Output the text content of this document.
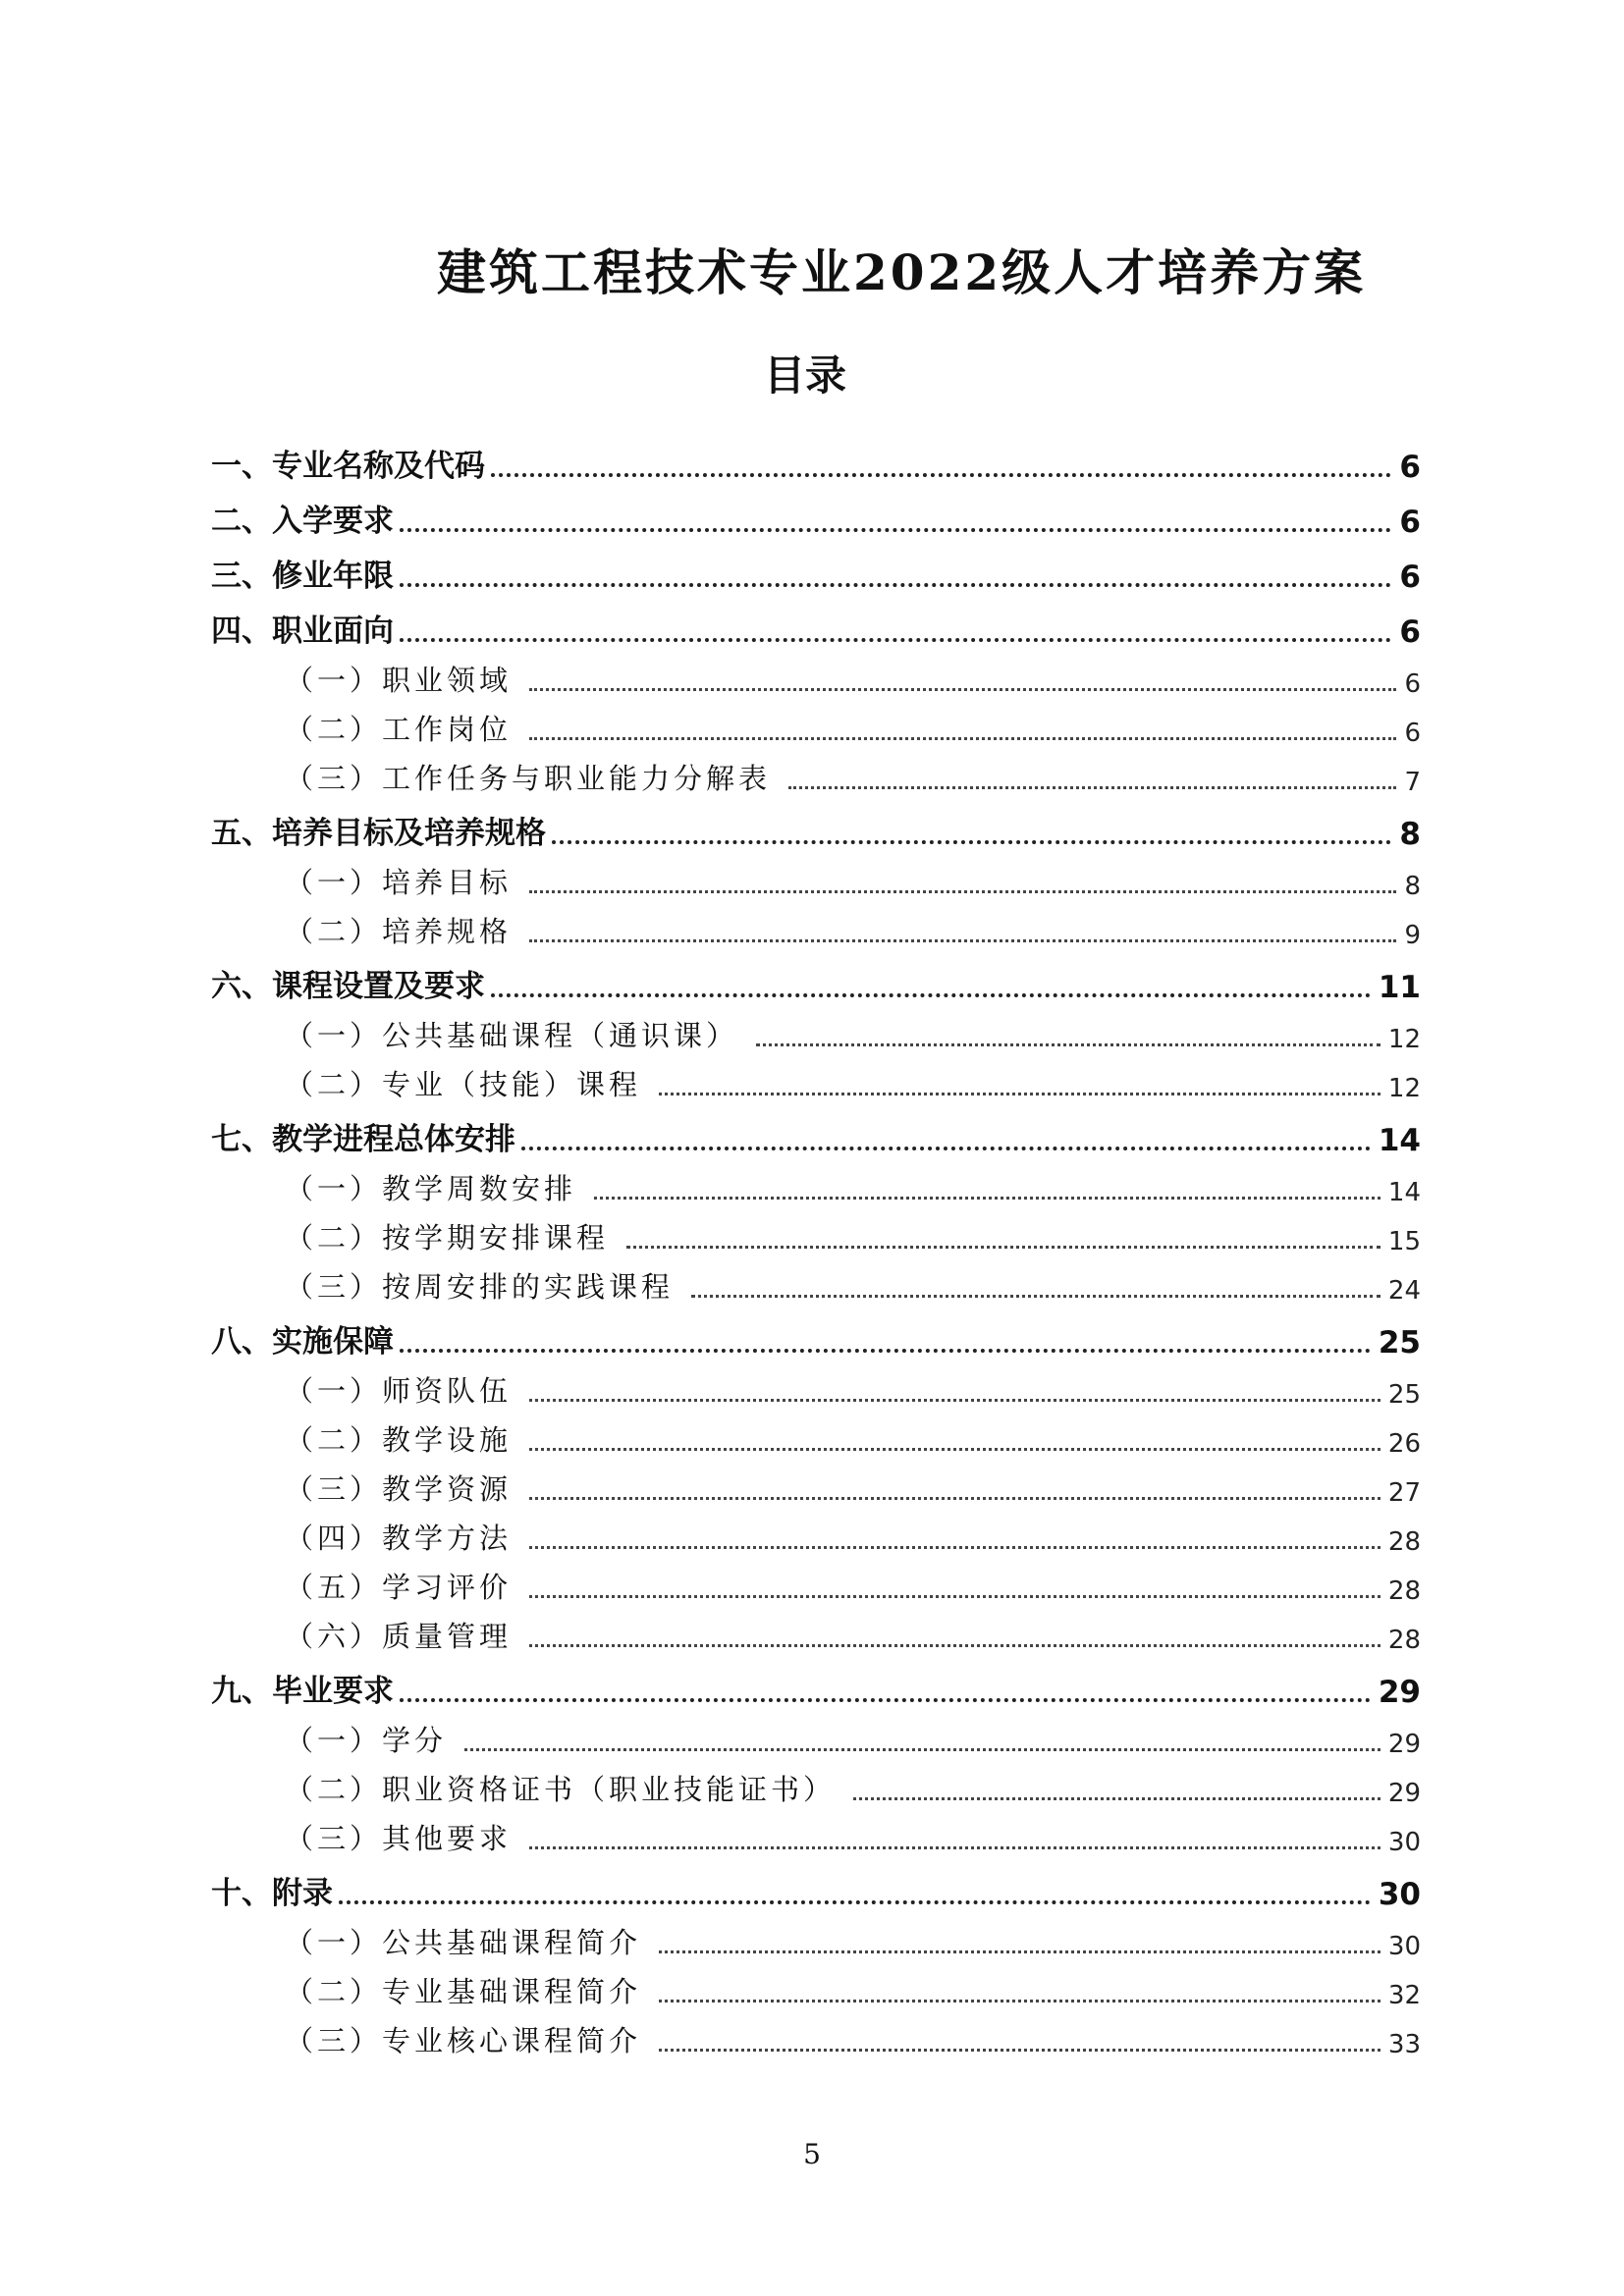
建筑工程技术专业2022级人才培养方案
目录
一、专业名称及代码	6
二、入学要求	6
三、修业年限	6
四、职业面向	6
（一）职业领域	6
（二）工作岗位	6
（三）工作任务与职业能力分解表	7
五、培养目标及培养规格	8
（一）培养目标	8
（二）培养规格	9
六、课程设置及要求	11
（一）公共基础课程（通识课）	12
（二）专业（技能）课程	12
七、教学进程总体安排	14
（一）教学周数安排	14
（二）按学期安排课程	15
（三）按周安排的实践课程	24
八、实施保障	25
（一）师资队伍	25
（二）教学设施	26
（三）教学资源	27
（四）教学方法	28
（五）学习评价	28
（六）质量管理	28
九、毕业要求	29
（一）学分	29
（二）职业资格证书（职业技能证书）	29
（三）其他要求	30
十、附录	30
（一）公共基础课程简介	30
（二）专业基础课程简介	32
（三）专业核心课程简介	33
5
